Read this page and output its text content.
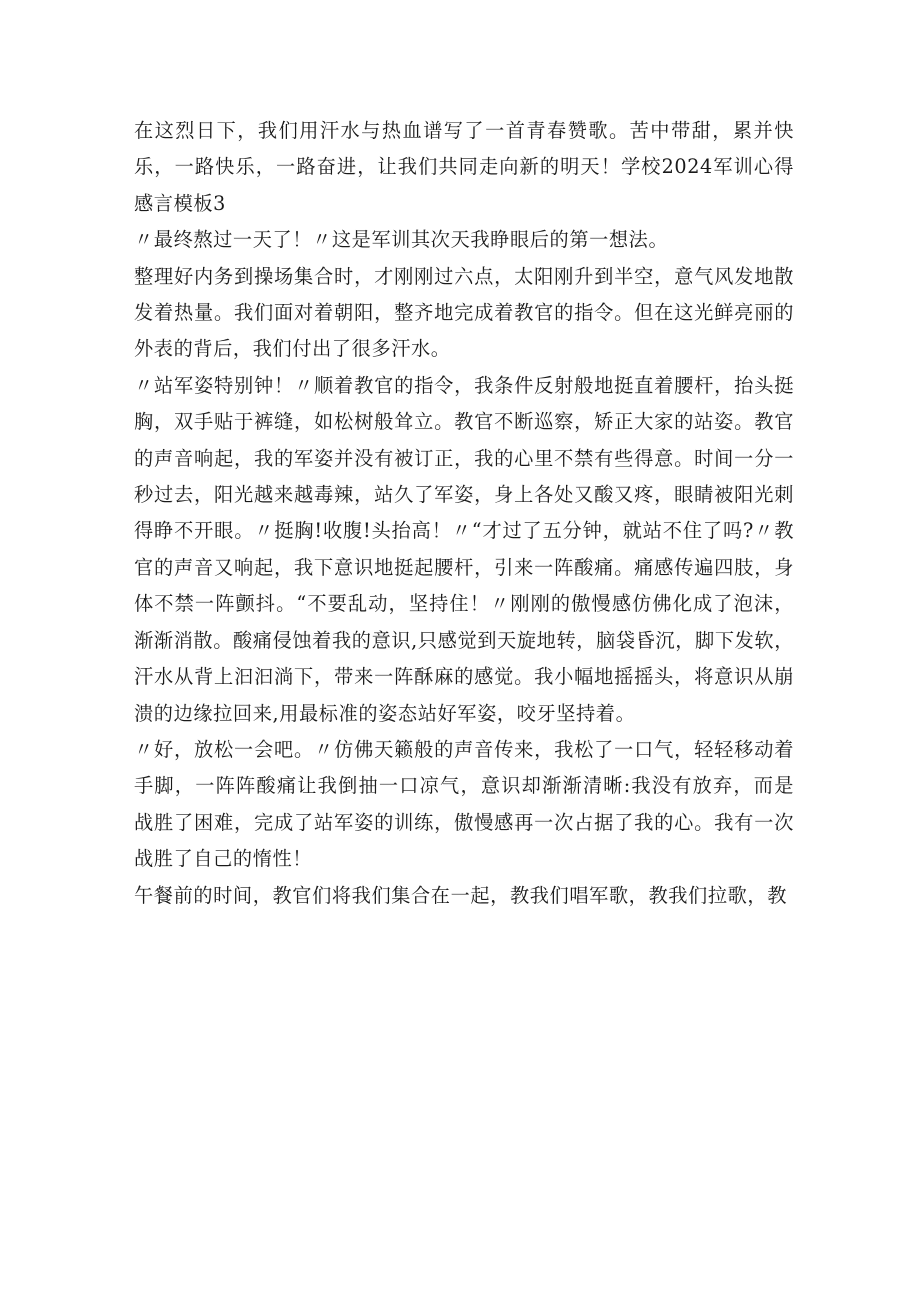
在这烈日下，我们用汗水与热血谱写了一首青春赞歌。苦中带甜，累并快乐，一路快乐，一路奋进，让我们共同走向新的明天！学校2024军训心得感言模板3

〃最终熬过一天了！〃这是军训其次天我睁眼后的第一想法。

整理好内务到操场集合时，才刚刚过六点，太阳刚升到半空，意气风发地散发着热量。我们面对着朝阳，整齐地完成着教官的指令。但在这光鲜亮丽的外表的背后，我们付出了很多汗水。

〃站军姿特别钟！〃顺着教官的指令，我条件反射般地挺直着腰杆，抬头挺胸，双手贴于裤缝，如松树般耸立。教官不断巡察，矫正大家的站姿。教官的声音响起，我的军姿并没有被订正，我的心里不禁有些得意。时间一分一秒过去，阳光越来越毒辣，站久了军姿，身上各处又酸又疼，眼睛被阳光刺得睁不开眼。〃挺胸!收腹!头抬高！〃“才过了五分钟，就站不住了吗?〃教官的声音又响起，我下意识地挺起腰杆，引来一阵酸痛。痛感传遍四肢，身体不禁一阵颤抖。“不要乱动，坚持住！〃刚刚的傲慢感仿佛化成了泡沫，渐渐消散。酸痛侵蚀着我的意识,只感觉到天旋地转，脑袋昏沉，脚下发软，汗水从背上汩汩淌下，带来一阵酥麻的感觉。我小幅地摇摇头，将意识从崩溃的边缘拉回来,用最标准的姿态站好军姿，咬牙坚持着。

〃好，放松一会吧。〃仿佛天籁般的声音传来，我松了一口气，轻轻移动着手脚，一阵阵酸痛让我倒抽一口凉气，意识却渐渐清晰:我没有放弃，而是战胜了困难，完成了站军姿的训练，傲慢感再一次占据了我的心。我有一次战胜了自己的惰性！

午餐前的时间，教官们将我们集合在一起，教我们唱军歌，教我们拉歌，教
